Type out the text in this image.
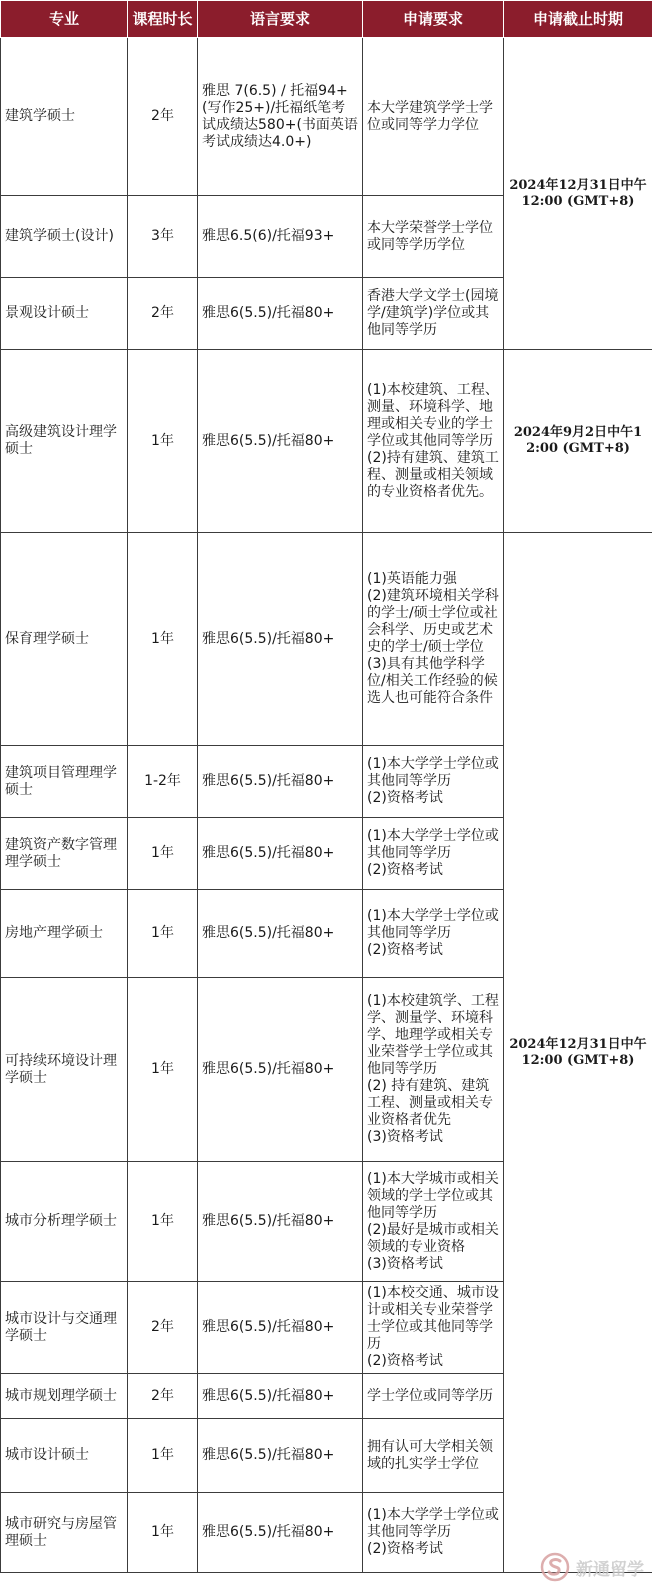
专业	课程时长	语言要求	申请要求	申请截止时期
建筑学硕士	2年	雅思 7(6.5) / 托福94+(写作25+)/托福纸笔考试成绩达580+(书面英语考试成绩达4.0+)	本大学建筑学学士学位或同等学力学位	2024年12月31日中午12:00 (GMT+8)
建筑学硕士(设计)	3年	雅思6.5(6)/托福93+	本大学荣誉学士学位或同等学历学位	
景观设计硕士	2年	雅思6(5.5)/托福80+	香港大学文学士(园境学/建筑学)学位或其他同等学历	
高级建筑设计理学硕士	1年	雅思6(5.5)/托福80+	(1)本校建筑、工程、测量、环境科学、地理或相关专业的学士学位或其他同等学历
(2)持有建筑、建筑工程、测量或相关领域的专业资格者优先。	2024年9月2日中午12:00 (GMT+8)
保育理学硕士	1年	雅思6(5.5)/托福80+	(1)英语能力强
(2)建筑环境相关学科的学士/硕士学位或社会科学、历史或艺术史的学士/硕士学位
(3)具有其他学科学位/相关工作经验的候选人也可能符合条件	2024年12月31日中午12:00 (GMT+8)
建筑项目管理理学硕士	1-2年	雅思6(5.5)/托福80+	(1)本大学学士学位或其他同等学历
(2)资格考试	
建筑资产数字管理理学硕士	1年	雅思6(5.5)/托福80+	(1)本大学学士学位或其他同等学历
(2)资格考试	
房地产理学硕士	1年	雅思6(5.5)/托福80+	(1)本大学学士学位或其他同等学历
(2)资格考试	
可持续环境设计理学硕士	1年	雅思6(5.5)/托福80+	(1)本校建筑学、工程学、测量学、环境科学、地理学或相关专业荣誉学士学位或其他同等学历
(2) 持有建筑、建筑工程、测量或相关专业资格者优先
(3)资格考试	
城市分析理学硕士	1年	雅思6(5.5)/托福80+	(1)本大学城市或相关领域的学士学位或其他同等学历
(2)最好是城市或相关领域的专业资格
(3)资格考试	
城市设计与交通理学硕士	2年	雅思6(5.5)/托福80+	(1)本校交通、城市设计或相关专业荣誉学士学位或其他同等学历
(2)资格考试	
城市规划理学硕士	2年	雅思6(5.5)/托福80+	学士学位或同等学历	
城市设计硕士	1年	雅思6(5.5)/托福80+	拥有认可大学相关领域的扎实学士学位	
城市研究与房屋管理硕士	1年	雅思6(5.5)/托福80+	(1)本大学学士学位或其他同等学历
(2)资格考试	
新通留学
